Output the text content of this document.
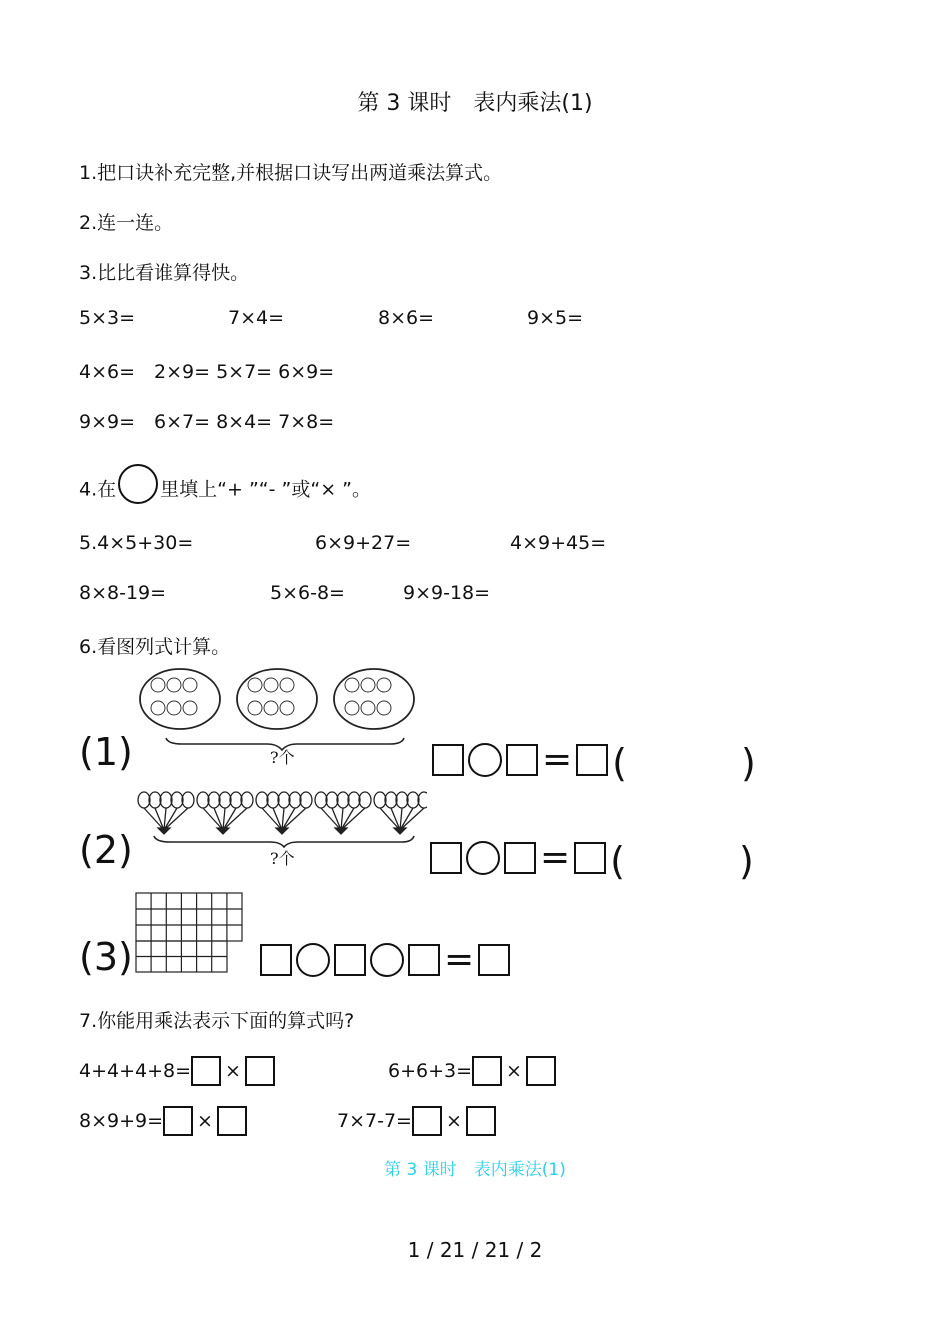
第 3 课时　表内乘法(1)
1.把口诀补充完整,并根据口诀写出两道乘法算式。
2.连一连。
3.比比看谁算得快。
5×3=	7×4=	8×6=	9×5=
4×6=　2×9= 5×7= 6×9=
9×9=　6×7= 8×4= 7×8=
4.在 里填上“+ ”“- ”或“× ”。
5.4×5+30=	6×9+27=	4×9+45=
8×8-19=	5×6-8=	9×9-18=
6.看图列式计算。
?个
(1)	= (　　　)
?个
(2)	= (　　　)
(3)	=
7.你能用乘法表示下面的算式吗?
4+4+4+8= ×	6+6+3= ×
8×9+9= ×	7×7-7= ×
第 3 课时　表内乘法(1)
1 / 21 / 21 / 2
